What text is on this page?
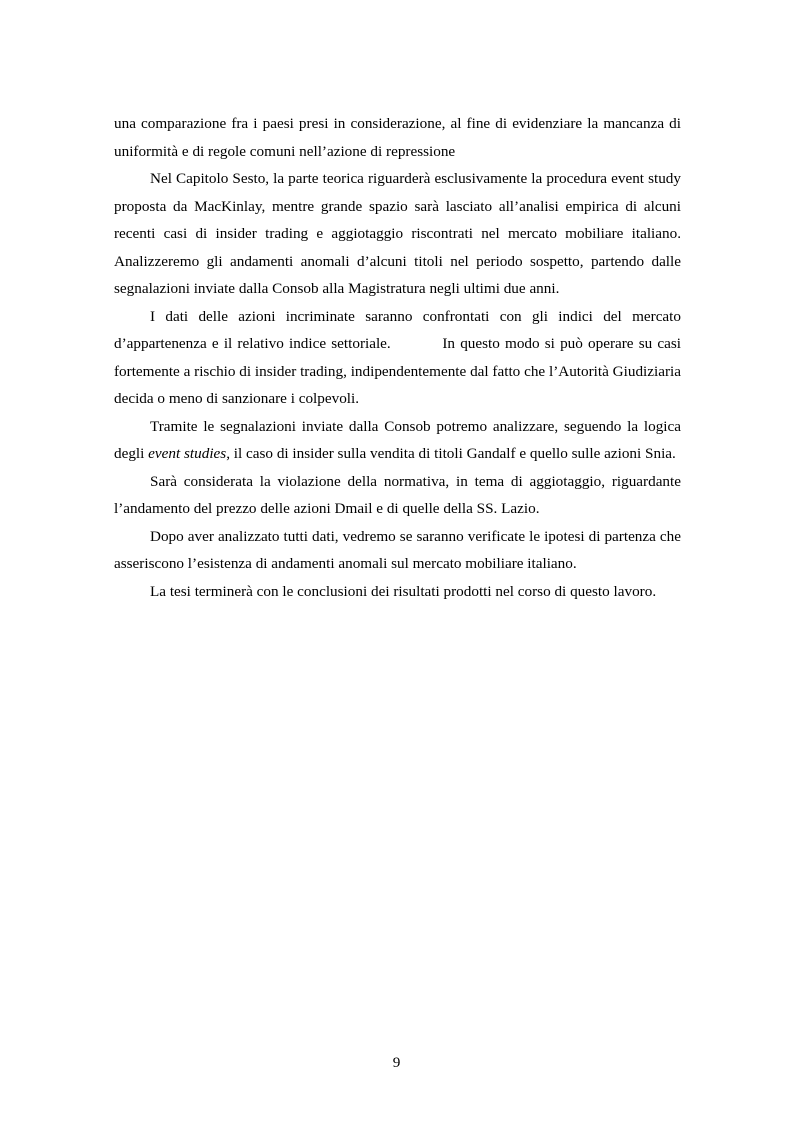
una comparazione fra i paesi presi in considerazione, al fine di evidenziare la mancanza di uniformità e di regole comuni nell’azione di repressione

Nel Capitolo Sesto, la parte teorica riguarderà esclusivamente la procedura event study proposta da MacKinlay, mentre grande spazio sarà lasciato all’analisi empirica di alcuni recenti casi di insider trading e aggiotaggio riscontrati nel mercato mobiliare italiano. Analizzeremo gli andamenti anomali d’alcuni titoli nel periodo sospetto, partendo dalle segnalazioni inviate dalla Consob alla Magistratura negli ultimi due anni.

I dati delle azioni incriminate saranno confrontati con gli indici del mercato d’appartenenza e il relativo indice settoriale.          In questo modo si può operare su casi fortemente a rischio di insider trading, indipendentemente dal fatto che l’Autorità Giudiziaria decida o meno di sanzionare i colpevoli.

Tramite le segnalazioni inviate dalla Consob potremo analizzare, seguendo la logica degli event studies, il caso di insider sulla vendita di titoli Gandalf e quello sulle azioni Snia.

Sarà considerata la violazione della normativa, in tema di aggiotaggio, riguardante l’andamento del prezzo delle azioni Dmail e di quelle della SS. Lazio.

Dopo aver analizzato tutti dati, vedremo se saranno verificate le ipotesi di partenza che asseriscono l’esistenza di andamenti anomali sul mercato mobiliare italiano.

La tesi terminerà con le conclusioni dei risultati prodotti nel corso di questo lavoro.

9
